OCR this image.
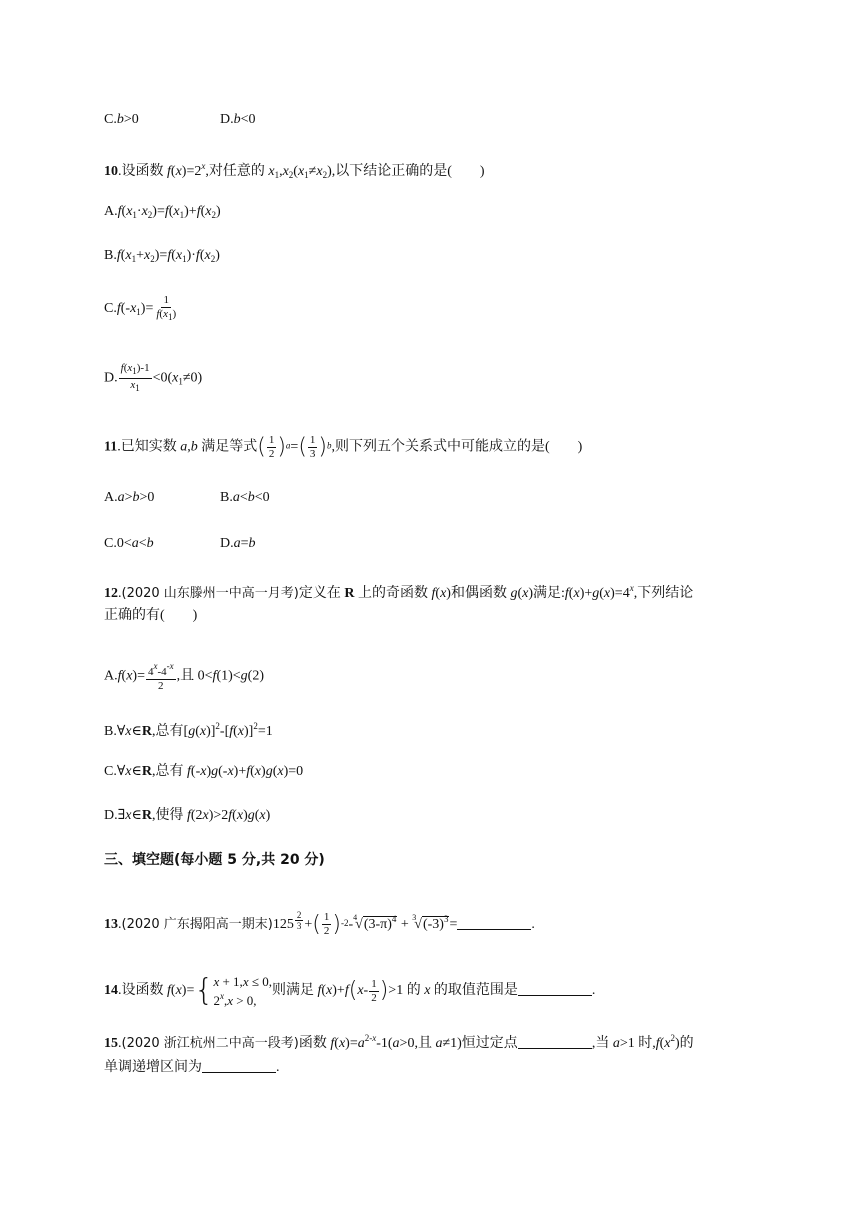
C.b>0	D.b<0
10.设函数 $f(x)=2^x$,对任意的 $x_1,x_2(x_1\ne x_2)$,以下结论正确的是(　　)
$A.f(x_1\cdot x_2)=f(x_1)+f(x_2)$
$B.f(x_1+x_2)=f(x_1)\cdot f(x_2)$
$C.f(-x_1)= \frac{1}{f(x_1)}$
D. $\frac{f(x_1)-1}{x_1} <0(x_1\ne 0)$
11.已知实数 a,b 满足等式( $\frac{1}{2} )a=( \frac{1}{3} )b$,则下列五个关系式中可能成立的是(　　)
A.a>b>0	B.a<b<0
C.0<a<b	D.a=b
12.(2020 山东滕州一中高一月考)定义在 R 上的奇函数 f(x)和偶函数 g(x)满足$:f(x)+g(x)=4^x$,下列结论
正确的有(　　)
$A.f(x)= \frac{4^x-4^{-x}}{2}$ ,且 0<f(1)<g(2)
B.∀x∈R,总有$[g(x)]^2-[f(x)]^2=1$
C.∀x∈R,总有 f(-x)g(-x)+f(x)g(x)=0
D.∃x∈R,使得 f(2x)>2f(x)g(x)
三、填空题(每小题 5 分,共 20 分)
13.(2020 广东揭阳高一期末)$125 \frac{2}{3}$ +( $\frac{1}{2} )-2-^4√(3-\pi)^4 + ^3√(-3)^3=$	.
14.设函数 f(x)={ x + 1,x ≤ 0,
$2^x,x > 0$,
则满足 $f(x)+f(x- \frac{1}{2} )>1$ 的 x 的取值范围是	.
15.(2020 浙江杭州二中高一段考)函数 $f(x)=a^{2-x}-1(a>0$,且 a≠1)恒过定点	,当 a>1 时$,f(x^2)$的
单调递增区间为	.
